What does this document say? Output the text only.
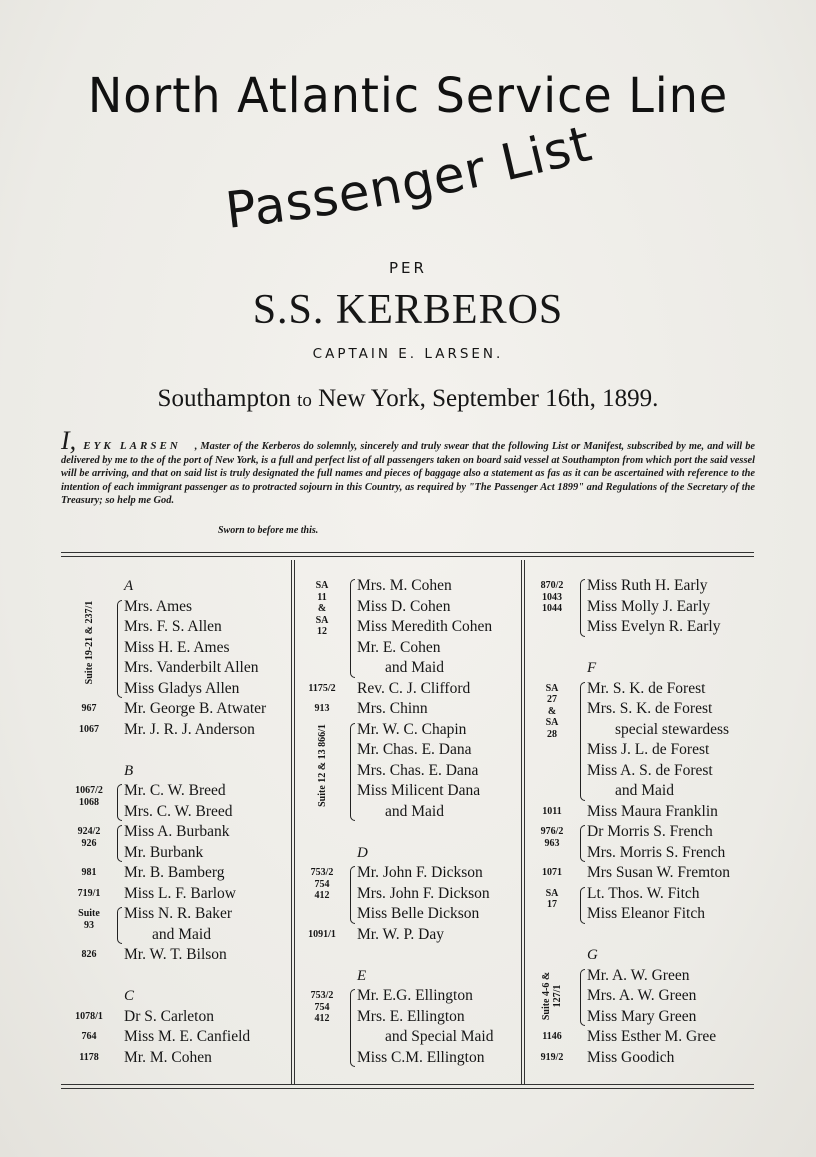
North Atlantic Service Line
Passenger List
PER
S.S. KERBEROS
CAPTAIN E. LARSEN.
Southampton to New York, September 16th, 1899.
I, EYK LARSEN , Master of the Kerberos do solemnly, sincerely and truly swear that the following List or Manifest, subscribed by me, and will be delivered by me to the of the port of New York, is a full and perfect list of all passengers taken on board said vessel at Southampton from which port the said vessel will be arriving, and that on said list is truly designated the full names and pieces of baggage also a statement as fas as it can be ascertained with reference to the intention of each immigrant passenger as to protracted sojourn in this Country, as required by "The Passenger Act 1899" and Regulations of the Secretary of the Treasury; so help me God.
Sworn to before me this.
A
Mrs. Ames
Mrs. F. S. Allen
Miss H. E. Ames
Mrs. Vanderbilt Allen
Miss Gladys Allen
Suite 19-21 & 237/1
Mr. George B. Atwater
967
Mr. J. R. J. Anderson
1067
B
Mr. C. W. Breed
Mrs. C. W. Breed
1067/2
1068
Miss A. Burbank
Mr. Burbank
924/2
926
Mr. B. Bamberg
981
Miss L. F. Barlow
719/1
Miss N. R. Baker
and Maid
Suite
93
Mr. W. T. Bilson
826
C
Dr S. Carleton
1078/1
Miss M. E. Canfield
764
Mr. M. Cohen
1178
Mrs. M. Cohen
Miss D. Cohen
Miss Meredith Cohen
Mr. E. Cohen
and Maid
SA
11
&
SA
12
Rev. C. J. Clifford
1175/2
Mrs. Chinn
913
Mr. W. C. Chapin
Mr. Chas. E. Dana
Mrs. Chas. E. Dana
Miss Milicent Dana
and Maid
Suite 12 & 13 866/1
D
Mr. John F. Dickson
Mrs. John F. Dickson
Miss Belle Dickson
753/2
754
412
Mr. W. P. Day
1091/1
E
Mr. E.G. Ellington
Mrs. E. Ellington
and Special Maid
Miss C.M. Ellington
753/2
754
412
Miss Ruth H. Early
Miss Molly J. Early
Miss Evelyn R. Early
870/2
1043
1044
F
Mr. S. K. de Forest
Mrs. S. K. de Forest
special stewardess
Miss J. L. de Forest
Miss A. S. de Forest
and Maid
SA
27
&
SA
28
Miss Maura Franklin
1011
Dr Morris S. French
Mrs. Morris S. French
976/2
963
Mrs Susan W. Fremton
1071
Lt. Thos. W. Fitch
Miss Eleanor Fitch
SA
17
G
Mr. A. W. Green
Mrs. A. W. Green
Miss Mary Green
Suite 4-6 & 127/1
Miss Esther M. Gree
1146
Miss Goodich
919/2
